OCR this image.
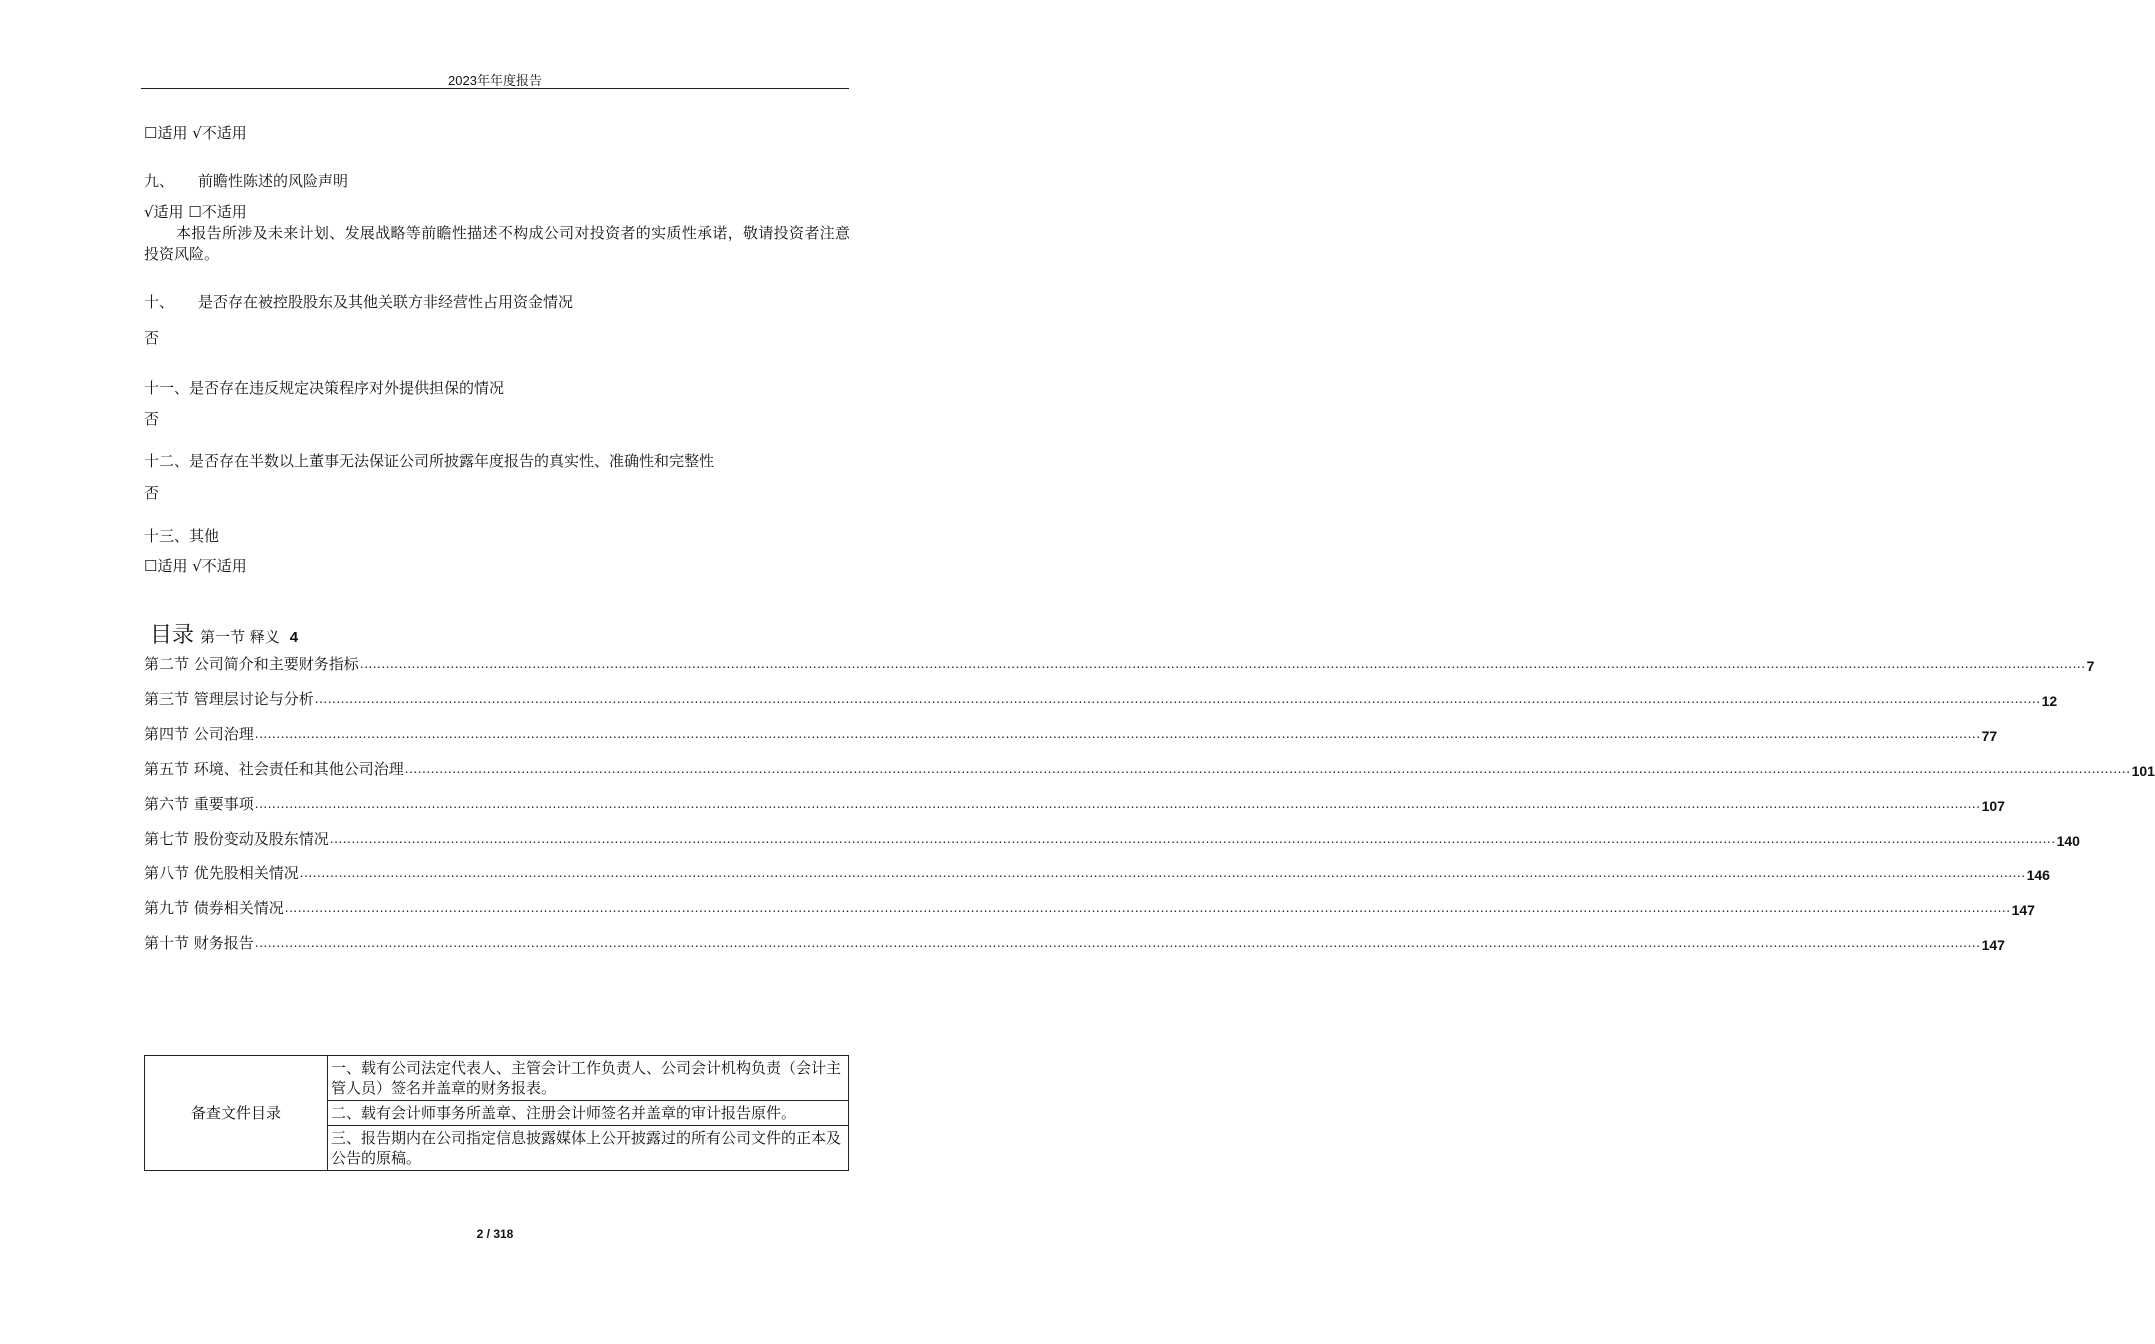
2023年年度报告
☐适用 √不适用
九、 前瞻性陈述的风险声明
√适用 ☐不适用
本报告所涉及未来计划、发展战略等前瞻性描述不构成公司对投资者的实质性承诺，敬请投资者注意投资风险。
十、 是否存在被控股股东及其他关联方非经营性占用资金情况
否
十一、是否存在违反规定决策程序对外提供担保的情况
否
十二、是否存在半数以上董事无法保证公司所披露年度报告的真实性、准确性和完整性
否
十三、其他
☐适用 √不适用
目录 第一节 释义 4
第二节 公司简介和主要财务指标 ................................................................................................................................................................................................................................................................................................................................................................................................................ 7
第三节 管理层讨论与分析 ................................................................................................................................................................................................................................................................................................................................................................................................................ 12
第四节 公司治理 ................................................................................................................................................................................................................................................................................................................................................................................................................ 77
第五节 环境、社会责任和其他公司治理 ................................................................................................................................................................................................................................................................................................................................................................................................................ 101
第六节 重要事项 ................................................................................................................................................................................................................................................................................................................................................................................................................ 107
第七节 股份变动及股东情况 ................................................................................................................................................................................................................................................................................................................................................................................................................ 140
第八节 优先股相关情况 ................................................................................................................................................................................................................................................................................................................................................................................................................ 146
第九节 债券相关情况 ................................................................................................................................................................................................................................................................................................................................................................................................................ 147
第十节 财务报告 ................................................................................................................................................................................................................................................................................................................................................................................................................ 147
备查文件目录	一、载有公司法定代表人、主管会计工作负责人、公司会计机构负责（会计主管人员）签名并盖章的财务报表。
二、载有会计师事务所盖章、注册会计师签名并盖章的审计报告原件。
三、报告期内在公司指定信息披露媒体上公开披露过的所有公司文件的正本及公告的原稿。
2 / 318
